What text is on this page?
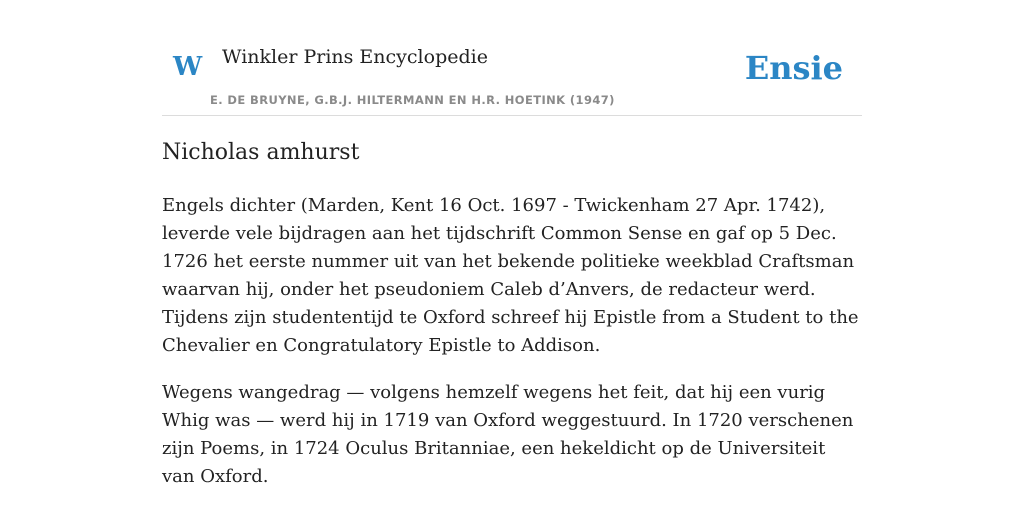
W Winkler Prins Encyclopedie
E. DE BRUYNE, G.B.J. HILTERMANN EN H.R. HOETINK (1947)
Ensie
Nicholas amhurst

Engels dichter (Marden, Kent 16 Oct. 1697 - Twickenham 27 Apr. 1742), leverde vele bijdragen aan het tijdschrift Common Sense en gaf op 5 Dec. 1726 het eerste nummer uit van het bekende politieke weekblad Craftsman waarvan hij, onder het pseudoniem Caleb d’Anvers, de redacteur werd. Tijdens zijn studententijd te Oxford schreef hij Epistle from a Student to the Chevalier en Congratulatory Epistle to Addison.

Wegens wangedrag — volgens hemzelf wegens het feit, dat hij een vurig Whig was — werd hij in 1719 van Oxford weggestuurd. In 1720 verschenen zijn Poems, in 1724 Oculus Britanniae, een hekeldicht op de Universiteit van Oxford.
